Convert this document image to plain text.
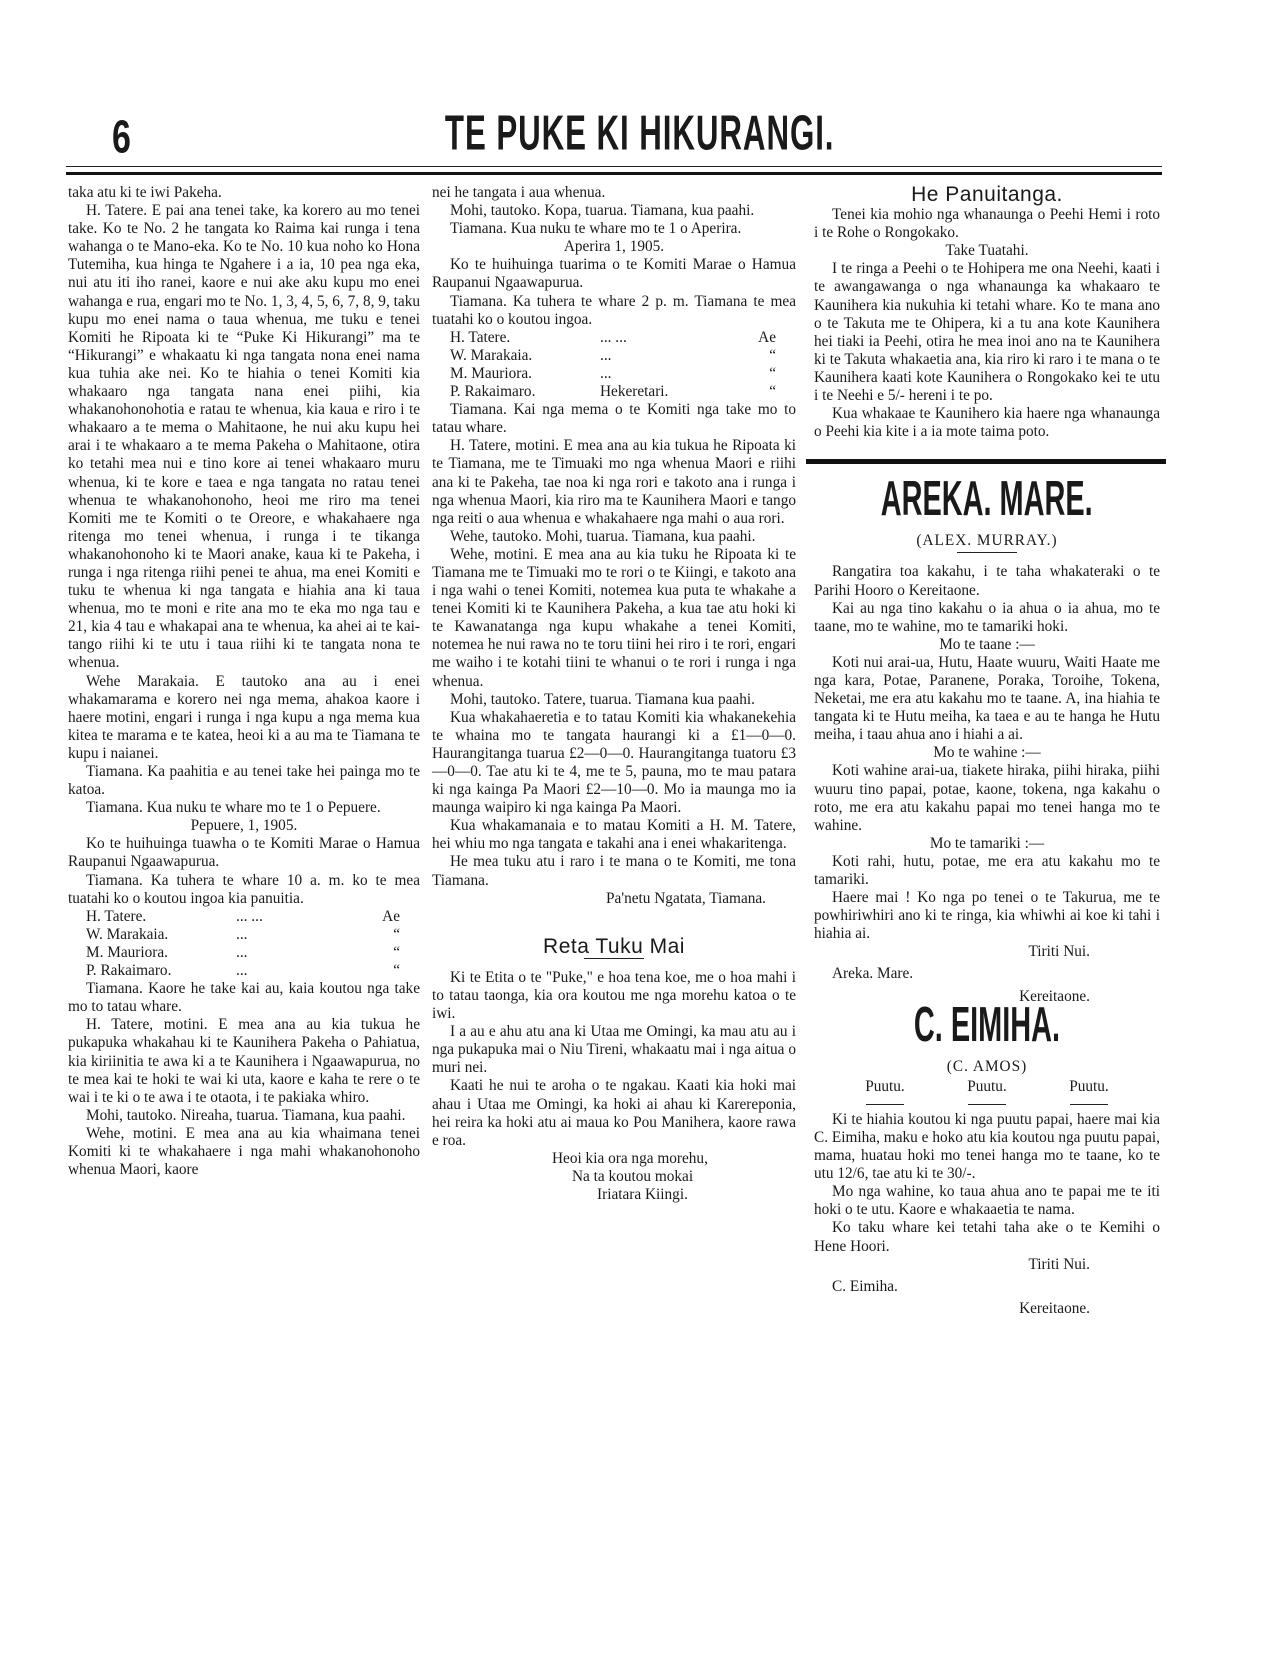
6	TE PUKE KI HIKURANGI.

taka atu ki te iwi Pakeha.

H. Tatere. E pai ana tenei take, ka korero au mo tenei take. Ko te No. 2 he tangata ko Raima kai runga i tena wahanga o te Mano-eka. Ko te No. 10 kua noho ko Hona Tutemiha, kua hinga te Ngahere i a ia, 10 pea nga eka, nui atu iti iho ranei, kaore e nui ake aku kupu mo enei wahanga e rua, engari mo te No. 1, 3, 4, 5, 6, 7, 8, 9, taku kupu mo enei nama o taua whenua, me tuku e tenei Komiti he Ripoata ki te “Puke Ki Hikurangi” ma te “Hikurangi” e whakaatu ki nga tangata nona enei nama kua tuhia ake nei. Ko te hiahia o tenei Komiti kia whakaaro nga tangata nana enei piihi, kia whakanohonohotia e ratau te whenua, kia kaua e riro i te whakaaro a te mema o Mahitaone, he nui aku kupu hei arai i te whakaaro a te mema Pakeha o Mahitaone, otira ko tetahi mea nui e tino kore ai tenei whakaaro muru whenua, ki te kore e taea e nga tangata no ratau tenei whenua te whakanohonoho, heoi me riro ma tenei Komiti me te Komiti o te Oreore, e whakahaere nga ritenga mo tenei whenua, i runga i te tikanga whakanohonoho ki te Maori anake, kaua ki te Pakeha, i runga i nga ritenga riihi penei te ahua, ma enei Komiti e tuku te whenua ki nga tangata e hiahia ana ki taua whenua, mo te moni e rite ana mo te eka mo nga tau e 21, kia 4 tau e whakapai ana te whenua, ka ahei ai te kai-tango riihi ki te utu i taua riihi ki te tangata nona te whenua.

Wehe Marakaia. E tautoko ana au i enei whakamarama e korero nei nga mema, ahakoa kaore i haere motini, engari i runga i nga kupu a nga mema kua kitea te marama e te katea, heoi ki a au ma te Tiamana te kupu i naianei.

Tiamana. Ka paahitia e au tenei take hei painga mo te katoa.

Tiamana. Kua nuku te whare mo te 1 o Pepuere.

Pepuere, 1, 1905.

Ko te huihuinga tuawha o te Komiti Marae o Hamua Raupanui Ngaawapurua.

Tiamana. Ka tuhera te whare 10 a. m. ko te mea tuatahi ko o koutou ingoa kia panuitia.

H. Tatere.	... ...	Ae
W. Marakaia.	...	“
M. Mauriora.	...	“
P. Rakaimaro.	...	“

Tiamana. Kaore he take kai au, kaia koutou nga take mo to tatau whare.

H. Tatere, motini. E mea ana au kia tukua he pukapuka whakahau ki te Kaunihera Pakeha o Pahiatua, kia kiriinitia te awa ki a te Kaunihera i Ngaawapurua, no te mea kai te hoki te wai ki uta, kaore e kaha te rere o te wai i te ki o te awa i te otaota, i te pakiaka whiro.

Mohi, tautoko. Nireaha, tuarua. Tiamana, kua paahi.

Wehe, motini. E mea ana au kia whaimana tenei Komiti ki te whakahaere i nga mahi whakanohonoho whenua Maori, kaore

nei he tangata i aua whenua.

Mohi, tautoko. Kopa, tuarua. Tiamana, kua paahi.

Tiamana. Kua nuku te whare mo te 1 o Aperira.

Aperira 1, 1905.

Ko te huihuinga tuarima o te Komiti Marae o Hamua Raupanui Ngaawapurua.

Tiamana. Ka tuhera te whare 2 p. m. Tiamana te mea tuatahi ko o koutou ingoa.

H. Tatere.	... ...	Ae
W. Marakaia.	...	“
M. Mauriora.	...	“
P. Rakaimaro.	Hekeretari.	“

Tiamana. Kai nga mema o te Komiti nga take mo to tatau whare.

H. Tatere, motini. E mea ana au kia tukua he Ripoata ki te Tiamana, me te Timuaki mo nga whenua Maori e riihi ana ki te Pakeha, tae noa ki nga rori e takoto ana i runga i nga whenua Maori, kia riro ma te Kaunihera Maori e tango nga reiti o aua whenua e whakahaere nga mahi o aua rori.

Wehe, tautoko. Mohi, tuarua. Tiamana, kua paahi.

Wehe, motini. E mea ana au kia tuku he Ripoata ki te Tiamana me te Timuaki mo te rori o te Kiingi, e takoto ana i nga wahi o tenei Komiti, notemea kua puta te whakahe a tenei Komiti ki te Kaunihera Pakeha, a kua tae atu hoki ki te Kawanatanga nga kupu whakahe a tenei Komiti, notemea he nui rawa no te toru tiini hei riro i te rori, engari me waiho i te kotahi tiini te whanui o te rori i runga i nga whenua.

Mohi, tautoko. Tatere, tuarua. Tiamana kua paahi.

Kua whakahaeretia e to tatau Komiti kia whakanekehia te whaina mo te tangata haurangi ki a £1—0—0. Haurangitanga tuarua £2—0—0. Haurangitanga tuatoru £3—0—0. Tae atu ki te 4, me te 5, pauna, mo te mau patara ki nga kainga Pa Maori £2—10—0. Mo ia maunga mo ia maunga waipiro ki nga kainga Pa Maori.

Kua whakamanaia e to matau Komiti a H. M. Tatere, hei whiu mo nga tangata e takahi ana i enei whakaritenga.

He mea tuku atu i raro i te mana o te Komiti, me tona Tiamana.

Pa'netu Ngatata, Tiamana.

Reta Tuku Mai

Ki te Etita o te "Puke," e hoa tena koe, me o hoa mahi i to tatau taonga, kia ora koutou me nga morehu katoa o te iwi.

I a au e ahu atu ana ki Utaa me Omingi, ka mau atu au i nga pukapuka mai o Niu Tireni, whakaatu mai i nga aitua o muri nei.

Kaati he nui te aroha o te ngakau. Kaati kia hoki mai ahau i Utaa me Omingi, ka hoki ai ahau ki Karereponia, hei reira ka hoki atu ai maua ko Pou Manihera, kaore rawa e roa.

Heoi kia ora nga morehu,

Na ta koutou mokai

Iriatara Kiingi.

He Panuitanga.

Tenei kia mohio nga whanaunga o Peehi Hemi i roto i te Rohe o Rongokako.

Take Tuatahi.

I te ringa a Peehi o te Hohipera me ona Neehi, kaati i te awangawanga o nga whanaunga ka whakaaro te Kaunihera kia nukuhia ki tetahi whare. Ko te mana ano o te Takuta me te Ohipera, ki a tu ana kote Kaunihera hei tiaki ia Peehi, otira he mea inoi ano na te Kaunihera ki te Takuta whakaetia ana, kia riro ki raro i te mana o te Kaunihera kaati kote Kaunihera o Rongokako kei te utu i te Neehi e 5/- hereni i te po.

Kua whakaae te Kaunihero kia haere nga whanaunga o Peehi kia kite i a ia mote taima poto.

AREKA. MARE.

(ALEX. MURRAY.)

Rangatira toa kakahu, i te taha whakateraki o te Parihi Hooro o Kereitaone.

Kai au nga tino kakahu o ia ahua o ia ahua, mo te taane, mo te wahine, mo te tamariki hoki.

Mo te taane :—

Koti nui arai-ua, Hutu, Haate wuuru, Waiti Haate me nga kara, Potae, Paranene, Poraka, Toroihe, Tokena, Neketai, me era atu kakahu mo te taane. A, ina hiahia te tangata ki te Hutu meiha, ka taea e au te hanga he Hutu meiha, i taau ahua ano i hiahi a ai.

Mo te wahine :—

Koti wahine arai-ua, tiakete hiraka, piihi hiraka, piihi wuuru tino papai, potae, kaone, tokena, nga kakahu o roto, me era atu kakahu papai mo tenei hanga mo te wahine.

Mo te tamariki :—

Koti rahi, hutu, potae, me era atu kakahu mo te tamariki.

Haere mai ! Ko nga po tenei o te Takurua, me te powhiriwhiri ano ki te ringa, kia whiwhi ai koe ki tahi i hiahia ai.

Tiriti Nui.

Areka. Mare.

Kereitaone.

C. EIMIHA.

(C. AMOS)

Puutu.	Puutu.	Puutu.

Ki te hiahia koutou ki nga puutu papai, haere mai kia C. Eimiha, maku e hoko atu kia koutou nga puutu papai, mama, huatau hoki mo tenei hanga mo te taane, ko te utu 12/6, tae atu ki te 30/-.

Mo nga wahine, ko taua ahua ano te papai me te iti hoki o te utu. Kaore e whakaaetia te nama.

Ko taku whare kei tetahi taha ake o te Kemihi o Hene Hoori.

Tiriti Nui.

C. Eimiha.

Kereitaone.
